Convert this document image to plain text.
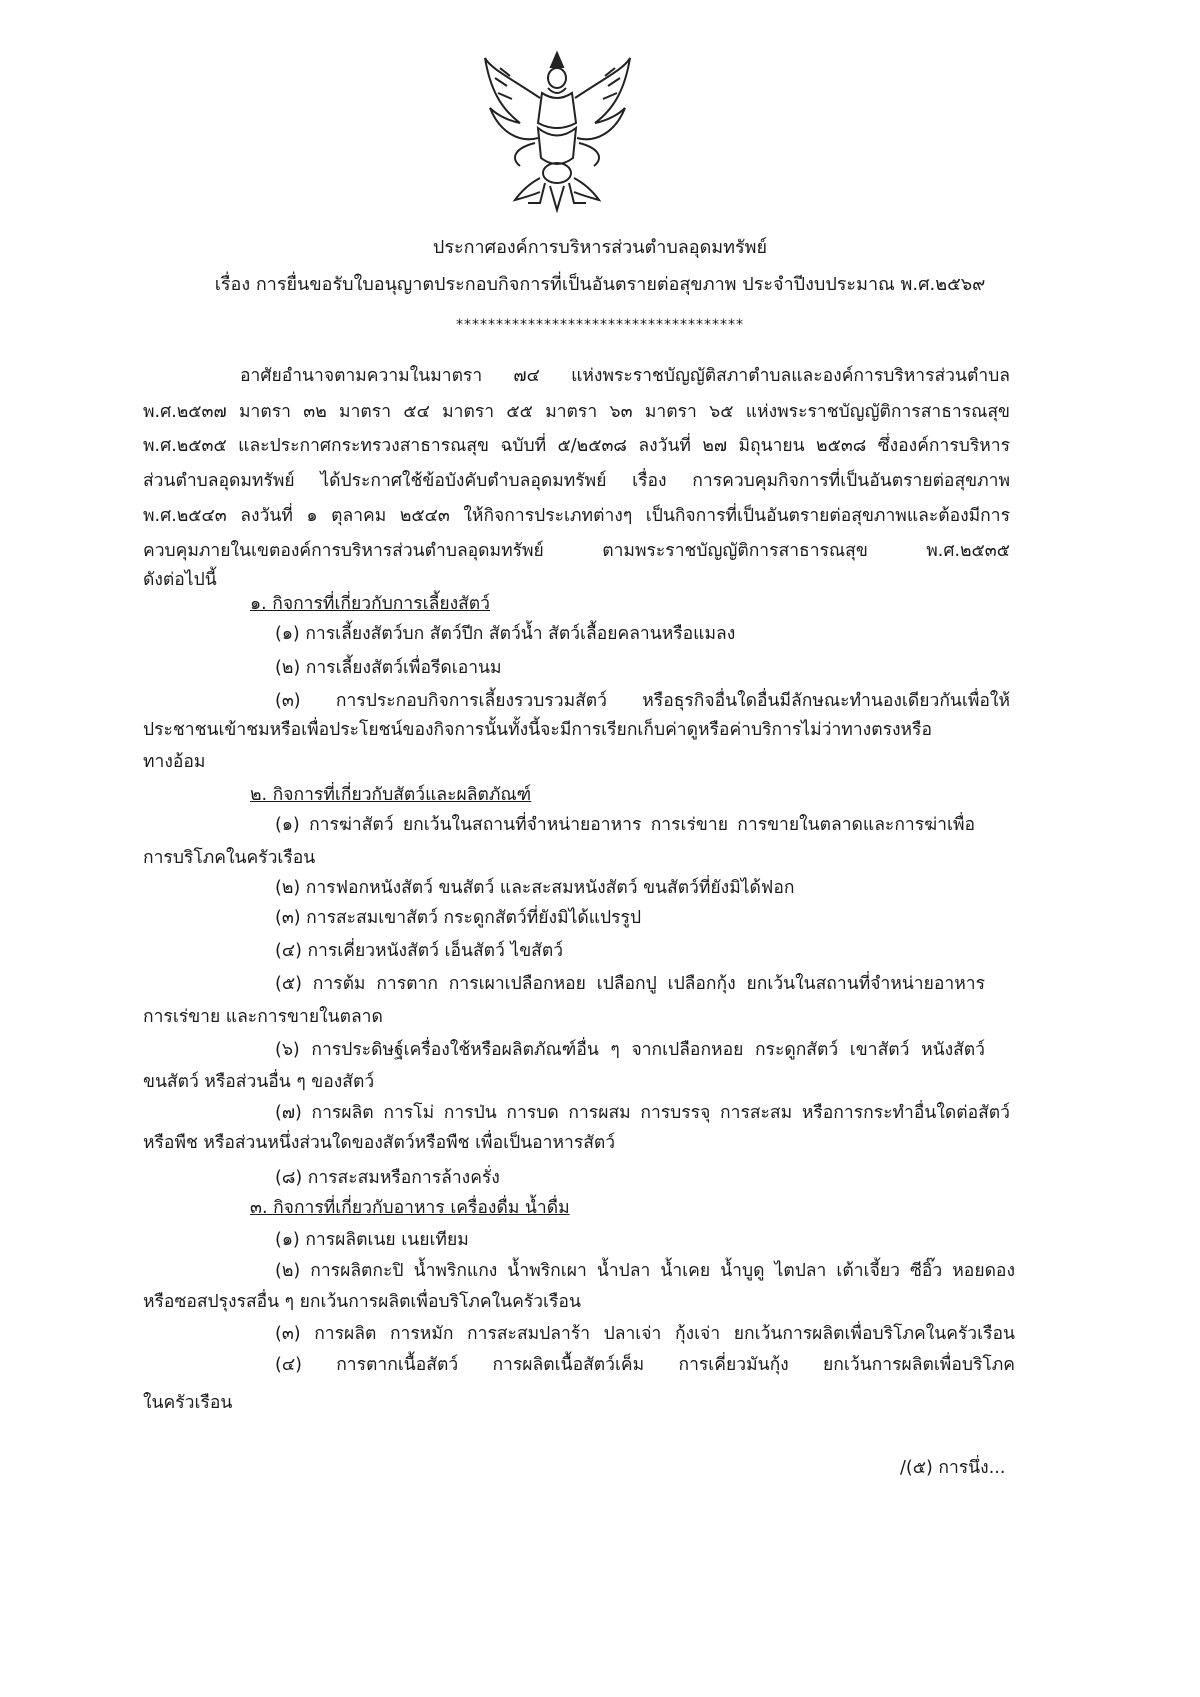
ประกาศองค์การบริหารส่วนตำบลอุดมทรัพย์
เรื่อง การยื่นขอรับใบอนุญาตประกอบกิจการที่เป็นอันตรายต่อสุขภาพ ประจำปีงบประมาณ พ.ศ.๒๕๖๙
************************************
อาศัยอำนาจตามความในมาตรา ๗๔ แห่งพระราชบัญญัติสภาตำบลและองค์การบริหารส่วนตำบล
พ.ศ.๒๕๓๗ มาตรา ๓๒ มาตรา ๕๔ มาตรา ๕๕ มาตรา ๖๓ มาตรา ๖๕ แห่งพระราชบัญญัติการสาธารณสุข
พ.ศ.๒๕๓๕ และประกาศกระทรวงสาธารณสุข ฉบับที่ ๕/๒๕๓๘ ลงวันที่ ๒๗ มิถุนายน ๒๕๓๘ ซึ่งองค์การบริหาร
ส่วนตำบลอุดมทรัพย์ ได้ประกาศใช้ข้อบังคับตำบลอุดมทรัพย์ เรื่อง การควบคุมกิจการที่เป็นอันตรายต่อสุขภาพ
พ.ศ.๒๕๔๓ ลงวันที่ ๑ ตุลาคม ๒๕๔๓ ให้กิจการประเภทต่างๆ เป็นกิจการที่เป็นอันตรายต่อสุขภาพและต้องมีการ
ควบคุมภายในเขตองค์การบริหารส่วนตำบลอุดมทรัพย์ ตามพระราชบัญญัติการสาธารณสุข พ.ศ.๒๕๓๕
ดังต่อไปนี้
๑. กิจการที่เกี่ยวกับการเลี้ยงสัตว์
(๑) การเลี้ยงสัตว์บก สัตว์ปีก สัตว์น้ำ สัตว์เลื้อยคลานหรือแมลง
(๒) การเลี้ยงสัตว์เพื่อรีดเอานม
(๓) การประกอบกิจการเลี้ยงรวบรวมสัตว์ หรือธุรกิจอื่นใดอื่นมีลักษณะทำนองเดียวกันเพื่อให้
ประชาชนเข้าชมหรือเพื่อประโยชน์ของกิจการนั้นทั้งนี้จะมีการเรียกเก็บค่าดูหรือค่าบริการไม่ว่าทางตรงหรือ
ทางอ้อม
๒. กิจการที่เกี่ยวกับสัตว์และผลิตภัณฑ์
(๑) การฆ่าสัตว์ ยกเว้นในสถานที่จำหน่ายอาหาร การเร่ขาย การขายในตลาดและการฆ่าเพื่อ
การบริโภคในครัวเรือน
(๒) การฟอกหนังสัตว์ ขนสัตว์ และสะสมหนังสัตว์ ขนสัตว์ที่ยังมิได้ฟอก
(๓) การสะสมเขาสัตว์ กระดูกสัตว์ที่ยังมิได้แปรรูป
(๔) การเคี่ยวหนังสัตว์ เอ็นสัตว์ ไขสัตว์
(๕) การต้ม การตาก การเผาเปลือกหอย เปลือกปู เปลือกกุ้ง ยกเว้นในสถานที่จำหน่ายอาหาร
การเร่ขาย และการขายในตลาด
(๖) การประดิษฐ์เครื่องใช้หรือผลิตภัณฑ์อื่น ๆ จากเปลือกหอย กระดูกสัตว์ เขาสัตว์ หนังสัตว์
ขนสัตว์ หรือส่วนอื่น ๆ ของสัตว์
(๗) การผลิต การโม่ การป่น การบด การผสม การบรรจุ การสะสม หรือการกระทำอื่นใดต่อสัตว์
หรือพืช หรือส่วนหนึ่งส่วนใดของสัตว์หรือพืช เพื่อเป็นอาหารสัตว์
(๘) การสะสมหรือการล้างครั่ง
๓. กิจการที่เกี่ยวกับอาหาร เครื่องดื่ม น้ำดื่ม
(๑) การผลิตเนย เนยเทียม
(๒) การผลิตกะปิ น้ำพริกแกง น้ำพริกเผา น้ำปลา น้ำเคย น้ำบูดู ไตปลา เต้าเจี้ยว ซีอิ๊ว หอยดอง
หรือซอสปรุงรสอื่น ๆ ยกเว้นการผลิตเพื่อบริโภคในครัวเรือน
(๓) การผลิต การหมัก การสะสมปลาร้า ปลาเจ่า กุ้งเจ่า ยกเว้นการผลิตเพื่อบริโภคในครัวเรือน
(๔) การตากเนื้อสัตว์ การผลิตเนื้อสัตว์เค็ม การเคี่ยวมันกุ้ง ยกเว้นการผลิตเพื่อบริโภค
ในครัวเรือน
/(๕) การนึ่ง...
